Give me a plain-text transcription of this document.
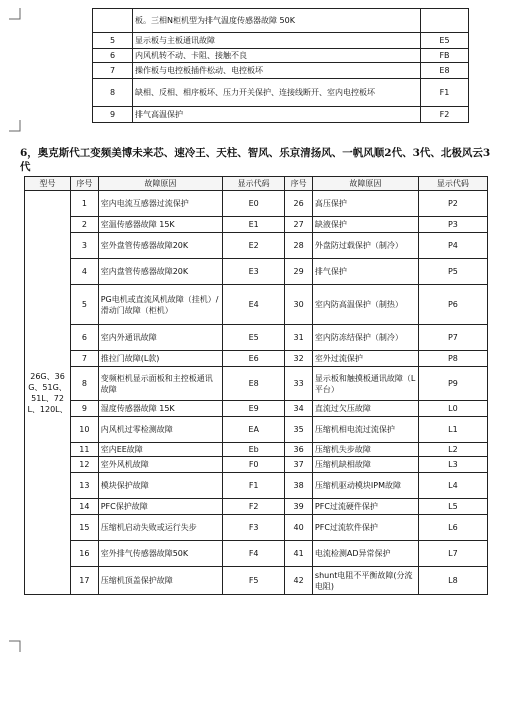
	板。三相N柜机型为排气温度传感器故障 50K	
5	显示板与主板通讯故障	E5
6	内风机转不动、卡阻、接触不良	FB
7	操作板与电控板插件松动、电控板坏	E8
8	缺相、反相、相序板坏、压力开关保护、连接线断开、室内电控板坏	F1
9	排气高温保护	F2
6，奥克斯代工变频美博未来芯、速冷王、天柱、智风、乐京清扬风、一帆风顺2代、3代、北极风云3代
型号	序号	故障原因	显示代码	序号	故障原因	显示代码
26G、36G、51G、51L、72L、120L、	1	室内电流互感器过流保护	E0	26	高压保护	P2
	2	室温传感器故障 15K	E1	27	缺液保护	P3
	3	室外盘管传感器故障20K	E2	28	外盘防过载保护（制冷）	P4
	4	室内盘管传感器故障20K	E3	29	排气保护	P5
	5	PG电机或直流风机故障（挂机）/滑动门故障（柜机）	E4	30	室内防高温保护（制热）	P6
	6	室内外通讯故障	E5	31	室内防冻结保护（制冷）	P7
	7	推拉门故障(L款)	E6	32	室外过流保护	P8
	8	变频柜机显示面板和主控板通讯故障	E8	33	显示板和触摸板通讯故障（L平台）	P9
	9	湿度传感器故障 15K	E9	34	直流过欠压故障	L0
	10	内风机过零检测故障	EA	35	压缩机相电流过流保护	L1
	11	室内EE故障	Eb	36	压缩机失步故障	L2
	12	室外风机故障	F0	37	压缩机缺相故障	L3
	13	模块保护故障	F1	38	压缩机驱动模块IPM故障	L4
	14	PFC保护故障	F2	39	PFC过流硬件保护	L5
	15	压缩机启动失败或运行失步	F3	40	PFC过流软件保护	L6
	16	室外排气传感器故障50K	F4	41	电流检测AD异常保护	L7
	17	压缩机顶盖保护故障	F5	42	shunt电阻不平衡故障(分流电阻)	L8
